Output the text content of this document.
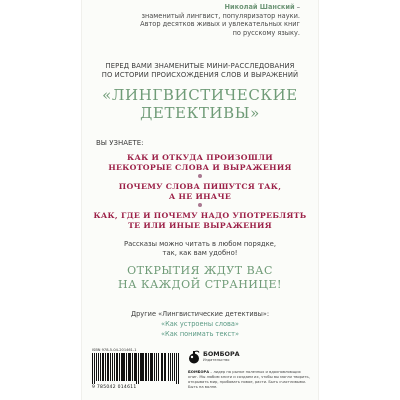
Николай Шанский –
знаменитый лингвист, популяризатор науки.
Автор десятков живых и увлекательных книг
по русскому языку.
ПЕРЕД ВАМИ ЗНАМЕНИТЫЕ МИНИ-РАССЛЕДОВАНИЯ
ПО ИСТОРИИ ПРОИСХОЖДЕНИЯ СЛОВ И ВЫРАЖЕНИЙ
«ЛИНГВИСТИЧЕСКИЕ
ДЕТЕКТИВЫ»
ВЫ УЗНАЕТЕ:
КАК И ОТКУДА ПРОИЗОШЛИ
НЕКОТОРЫЕ СЛОВА И ВЫРАЖЕНИЯ
ПОЧЕМУ СЛОВА ПИШУТСЯ ТАК,
А НЕ ИНАЧЕ
КАК, ГДЕ И ПОЧЕМУ НАДО УПОТРЕБЛЯТЬ
ТЕ ИЛИ ИНЫЕ ВЫРАЖЕНИЯ
Рассказы можно читать в любом порядке,
так, как вам удобно!
ОТКРЫТИЯ ЖДУТ ВАС
НА КАЖДОЙ СТРАНИЦЕ!
Другие «Лингвистические детективы»:
«Как устроены слова»
«Как понимать текст»
ISBN 978-5-04-201461-1
9 785042 014611
БОМБОРА
Издательство
БОМБОРА – лидер на рынке полезных и вдохновляющих книг. Мы любим книги и создаем их, чтобы вы могли творить, открывать мир, пробовать новое, расти. Быть счастливыми. Быть на волне.
